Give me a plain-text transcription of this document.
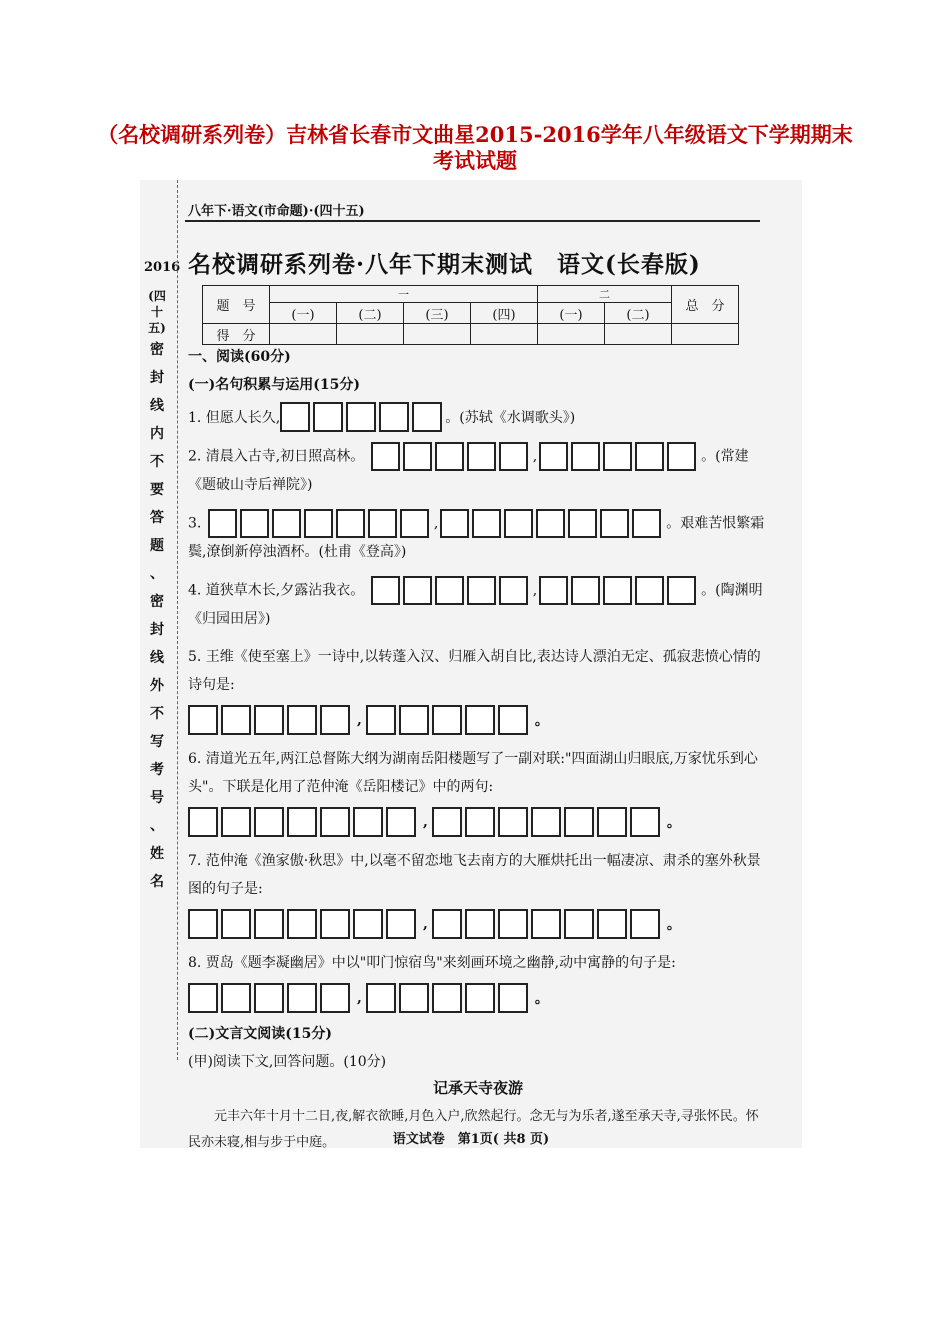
（名校调研系列卷）吉林省长春市文曲星2015-2016学年八年级语文下学期期末考试试题
2016
(四十五)
密
封
线
内
不
要
答
题
、
密
封
线
外
不
写
考
号
、
姓
名
八年下·语文(市命题)·(四十五)
名校调研系列卷·八年下期末测试　语文(长春版)
题　号	一				二		总　分
	(一)	(二)	(三)	(四)	(一)	(二)	
得　分							
一、阅读(60分)
(一)名句积累与运用(15分)
1. 但愿人长久,	。(苏轼《水调歌头》)
2. 清晨入古寺,初日照高林。	,	。(常建《题破山寺后禅院》)
3.	,	。艰难苦恨繁霜鬓,潦倒新停浊酒杯。(杜甫《登高》)
4. 道狭草木长,夕露沾我衣。	,	。(陶渊明《归园田居》)
5. 王维《使至塞上》一诗中,以转蓬入汉、归雁入胡自比,表达诗人漂泊无定、孤寂悲愤心情的诗句是:
,	。
6. 清道光五年,两江总督陈大纲为湖南岳阳楼题写了一副对联:"四面湖山归眼底,万家忧乐到心头"。下联是化用了范仲淹《岳阳楼记》中的两句:
,	。
7. 范仲淹《渔家傲·秋思》中,以毫不留恋地飞去南方的大雁烘托出一幅凄凉、肃杀的塞外秋景图的句子是:
,	。
8. 贾岛《题李凝幽居》中以"叩门惊宿鸟"来刻画环境之幽静,动中寓静的句子是:
,	。
(二)文言文阅读(15分)
(甲)阅读下文,回答问题。(10分)
记承天寺夜游
元丰六年十月十二日,夜,解衣欲睡,月色入户,欣然起行。念无与为乐者,遂至承天寺,寻张怀民。怀民亦未寝,相与步于中庭。	语文试卷　第1页( 共8 页)
